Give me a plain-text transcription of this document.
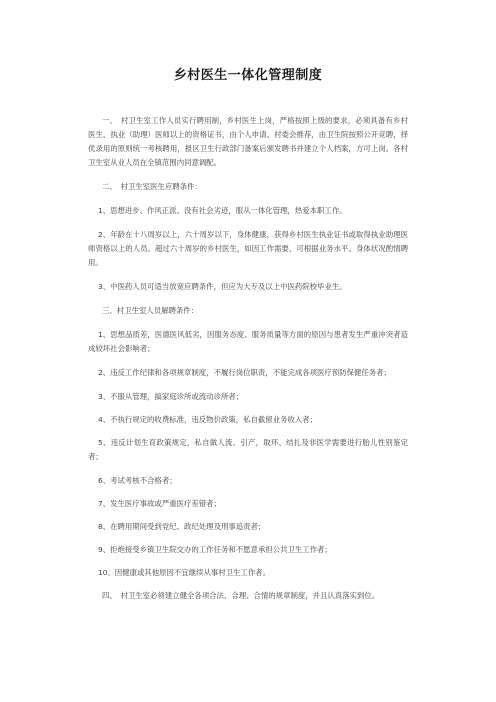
乡村医生一体化管理制度

一、　村卫生室工作人员实行聘用制，乡村医生上岗，严格按照上级的要求，必须具备有乡村医生、执业（助理）医师以上的资格证书，由个人申请、村委会推荐，由卫生院按照公开竞聘，择优录用的原则统一考核聘用，报区卫生行政部门备案后颁发聘书并建立个人档案，方可上岗。各村卫生室从业人员在全镇范围内同意调配。

二、　村卫生室医生应聘条件：

1、思想进步、作风正派、没有社会劣迹，服从一体化管理，热爱本职工作。

2、年龄在十八周岁以上，六十周岁以下，身体健康，获得乡村医生执业证书或取得执业助理医师资格以上的人员。超过六十周岁的乡村医生，如因工作需要，可根据业务水平、身体状况酌情聘用。

3、中医药人员可适当放宽应聘条件，但应为大专及以上中医药院校毕业生。

三、村卫生室人员解聘条件：

1、思想品质差，医德医风低劣，因服务态度、服务质量等方面的原因与患者发生严重冲突者造成较坏社会影响者；

2、违反工作纪律和各项规章制度，不履行岗位职责，不能完成各项医疗预防保健任务者；

3、不服从管理，搞家庭诊所或流动诊所者；

4、不执行规定的收费标准，违反物价政策，私自截留业务收入者；

5、违反计划生育政策规定，私自做人流、引产，取环、结扎及非医学需要进行胎儿性别鉴定者；

6、考试考核不合格者；

7、发生医疗事故或严重医疗差错者；

8、在聘用期间受到党纪、政纪处理及刑事追责者；

9、拒绝接受乡镇卫生院交办的工作任务和不愿意承担公共卫生工作者；

10、因健康或其他原因不宜继续从事村卫生工作者。

四、　村卫生室必须建立健全各项合法、合理、合情的规章制度，并且认真落实到位。
